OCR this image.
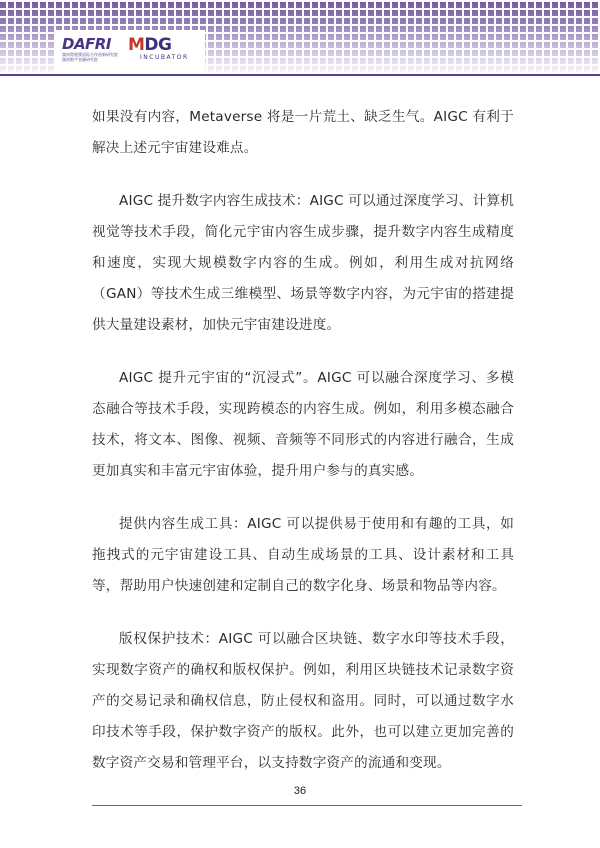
DAFRI
湖南粤港澳国际合作创新研究院
湖南数字金融研究院
MDG
INCUBATOR

如果没有内容，Metaverse 将是一片荒土、缺乏生气。AIGC 有利于解决上述元宇宙建设难点。

AIGC 提升数字内容生成技术：AIGC 可以通过深度学习、计算机视觉等技术手段，简化元宇宙内容生成步骤，提升数字内容生成精度和速度，实现大规模数字内容的生成。例如，利用生成对抗网络（GAN）等技术生成三维模型、场景等数字内容，为元宇宙的搭建提供大量建设素材，加快元宇宙建设进度。

AIGC 提升元宇宙的“沉浸式”。AIGC 可以融合深度学习、多模态融合等技术手段，实现跨模态的内容生成。例如，利用多模态融合技术，将文本、图像、视频、音频等不同形式的内容进行融合，生成更加真实和丰富元宇宙体验，提升用户参与的真实感。

提供内容生成工具：AIGC 可以提供易于使用和有趣的工具，如拖拽式的元宇宙建设工具、自动生成场景的工具、设计素材和工具等，帮助用户快速创建和定制自己的数字化身、场景和物品等内容。

版权保护技术：AIGC 可以融合区块链、数字水印等技术手段，实现数字资产的确权和版权保护。例如，利用区块链技术记录数字资产的交易记录和确权信息，防止侵权和盗用。同时，可以通过数字水印技术等手段，保护数字资产的版权。此外，也可以建立更加完善的数字资产交易和管理平台，以支持数字资产的流通和变现。

36
